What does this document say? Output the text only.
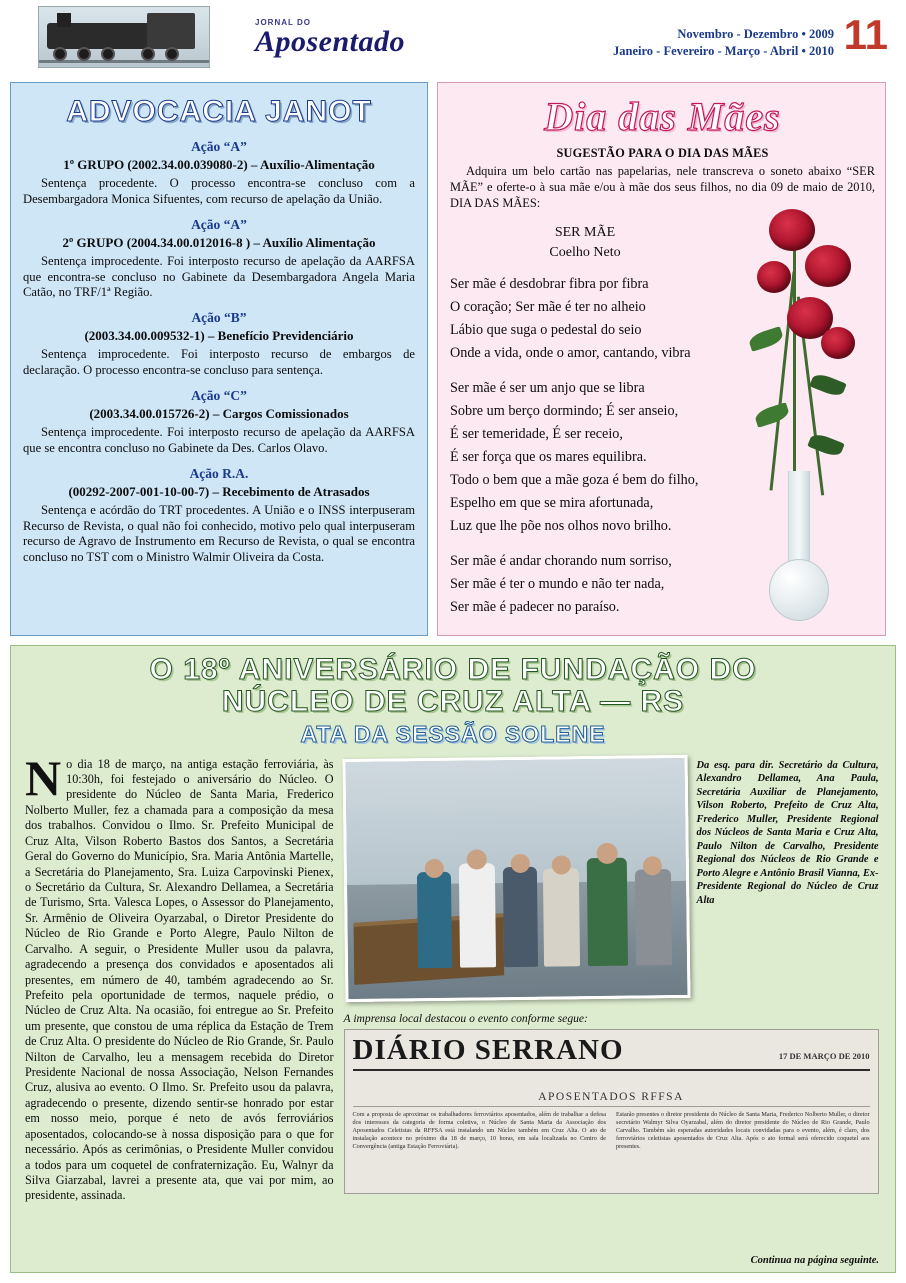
JORNAL DO
Aposentado	Novembro - Dezembro • 2009
Janeiro - Fevereiro - Março - Abril • 2010 11
ADVOCACIA JANOT
Ação “A”
1º GRUPO (2002.34.00.039080-2) – Auxílio-Alimentação
Sentença procedente. O processo encontra-se concluso com a Desembargadora Monica Sifuentes, com recurso de apelação da União.
Ação “A”
2º GRUPO (2004.34.00.012016-8 ) – Auxílio Alimentação
Sentença improcedente. Foi interposto recurso de apelação da AARFSA que encontra-se concluso no Gabinete da Desembargadora Angela Maria Catão, no TRF/1ª Região.
Ação “B”
(2003.34.00.009532-1) – Benefício Previdenciário
Sentença improcedente. Foi interposto recurso de embargos de declaração. O processo encontra-se concluso para sentença.
Ação “C”
(2003.34.00.015726-2) – Cargos Comissionados
Sentença improcedente. Foi interposto recurso de apelação da AARFSA que se encontra concluso no Gabinete da Des. Carlos Olavo.
Ação R.A.
(00292-2007-001-10-00-7) – Recebimento de Atrasados
Sentença e acórdão do TRT procedentes. A União e o INSS interpuseram Recurso de Revista, o qual não foi conhecido, motivo pelo qual interpuseram recurso de Agravo de Instrumento em Recurso de Revista, o qual se encontra concluso no TST com o Ministro Walmir Oliveira da Costa.
Dia das Mães
SUGESTÃO PARA O DIA DAS MÃES
Adquira um belo cartão nas papelarias, nele transcreva o soneto abaixo “SER MÃE” e oferte-o à sua mãe e/ou à mãe dos seus filhos, no dia 09 de maio de 2010, DIA DAS MÃES:
SER MÃE
Coelho Neto
Ser mãe é desdobrar fibra por fibra
O coração; Ser mãe é ter no alheio
Lábio que suga o pedestal do seio
Onde a vida, onde o amor, cantando, vibra
Ser mãe é ser um anjo que se libra
Sobre um berço dormindo; É ser anseio,
É ser temeridade, É ser receio,
É ser força que os mares equilibra.
Todo o bem que a mãe goza é bem do filho,
Espelho em que se mira afortunada,
Luz que lhe põe nos olhos novo brilho.
Ser mãe é andar chorando num sorriso,
Ser mãe é ter o mundo e não ter nada,
Ser mãe é padecer no paraíso.
O 18º ANIVERSÁRIO DE FUNDAÇÃO DO
NÚCLEO DE CRUZ ALTA — RS
ATA DA SESSÃO SOLENE
No dia 18 de março, na antiga estação ferroviária, às 10:30h, foi festejado o aniversário do Núcleo. O presidente do Núcleo de Santa Maria, Frederico Nolberto Muller, fez a chamada para a composição da mesa dos trabalhos. Convidou o Ilmo. Sr. Prefeito Municipal de Cruz Alta, Vilson Roberto Bastos dos Santos, a Secretária Geral do Governo do Município, Sra. Maria Antônia Martelle, a Secretária do Planejamento, Sra. Luiza Carpovinski Pienex, o Secretário da Cultura, Sr. Alexandro Dellamea, a Secretária de Turismo, Srta. Valesca Lopes, o Assessor do Planejamento, Sr. Armênio de Oliveira Oyarzabal, o Diretor Presidente do Núcleo de Rio Grande e Porto Alegre, Paulo Nilton de Carvalho. A seguir, o Presidente Muller usou da palavra, agradecendo a presença dos convidados e aposentados ali presentes, em número de 40, também agradecendo ao Sr. Prefeito pela oportunidade de termos, naquele prédio, o Núcleo de Cruz Alta. Na ocasião, foi entregue ao Sr. Prefeito um presente, que constou de uma réplica da Estação de Trem de Cruz Alta. O presidente do Núcleo de Rio Grande, Sr. Paulo Nilton de Carvalho, leu a mensagem recebida do Diretor Presidente Nacional de nossa Associação, Nelson Fernandes Cruz, alusiva ao evento. O Ilmo. Sr. Prefeito usou da palavra, agradecendo o presente, dizendo sentir-se honrado por estar em nosso meio, porque é neto de avós ferroviários aposentados, colocando-se à nossa disposição para o que for necessário. Após as cerimônias, o Presidente Muller convidou a todos para um coquetel de confraternização. Eu, Walnyr da Silva Giarzabal, lavrei a presente ata, que vai por mim, ao presidente, assinada.
Da esq. para dir. Secretário da Cultura, Alexandro Dellamea, Ana Paula, Secretária Auxiliar de Planejamento, Vilson Roberto, Prefeito de Cruz Alta, Frederico Muller, Presidente Regional dos Núcleos de Santa Maria e Cruz Alta, Paulo Nilton de Carvalho, Presidente Regional dos Núcleos de Rio Grande e Porto Alegre e Antônio Brasil Vianna, Ex-Presidente Regional do Núcleo de Cruz Alta
A imprensa local destacou o evento conforme segue:
DIÁRIO SERRANO	17 DE MARÇO DE 2010
APOSENTADOS RFFSA
Com a proposta de aproximar os trabalhadores ferroviários aposentados, além de trabalhar a defesa dos interesses da categoria de forma coletiva, o Núcleo de Santa Maria da Associação dos Aposentados Celetistas da RFFSA está instalando um Núcleo também em Cruz Alta. O ato de instalação acontece no próximo dia 18 de março, 10 horas, em sala localizada no Centro de Convergência (antiga Estação Ferroviária).
Estarão presentes o diretor presidente do Núcleo de Santa Maria, Frederico Nolberto Muller, o diretor secretário Walmyr Silva Oyarzabal, além do diretor presidente do Núcleo de Rio Grande, Paulo Carvalho. Também são esperadas autoridades locais convidadas para o evento, além, é claro, dos ferroviários celetistas aposentados de Cruz Alta. Após o ato formal será oferecido coquetel aos presentes.
Continua na página seguinte.
